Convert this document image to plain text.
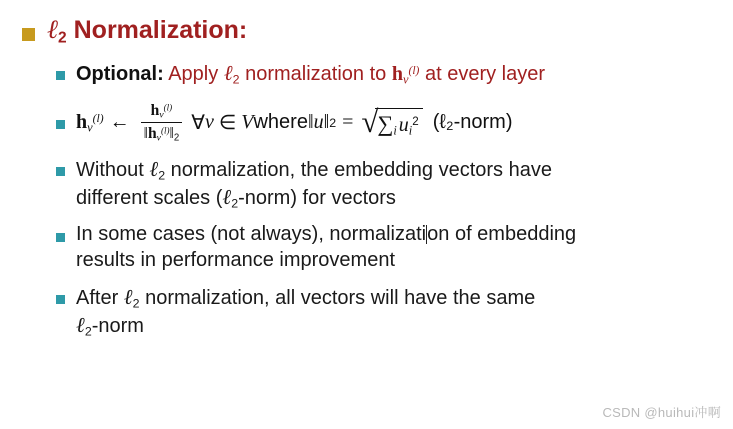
ℓ$_2$ Normalization:
Optional: Apply ℓ$_2$ normalization to $hv^{(l)}$ at every layer
$hv^{(l)}$ ← $\frac{hv^{(l)}}{‖hv^{(l)}‖_2}$ ∀ v ∈ V where ‖u‖ 2 = √
∑i $ui^2$ (ℓ₂-norm)
Without ℓ$_2$ normalization, the embedding vectors have
different scales (ℓ$_2$-norm) for vectors
In some cases (not always), normalization of embedding
results in performance improvement
After ℓ$_2$ normalization, all vectors will have the same
ℓ$_2$-norm
CSDN @huihui冲啊
